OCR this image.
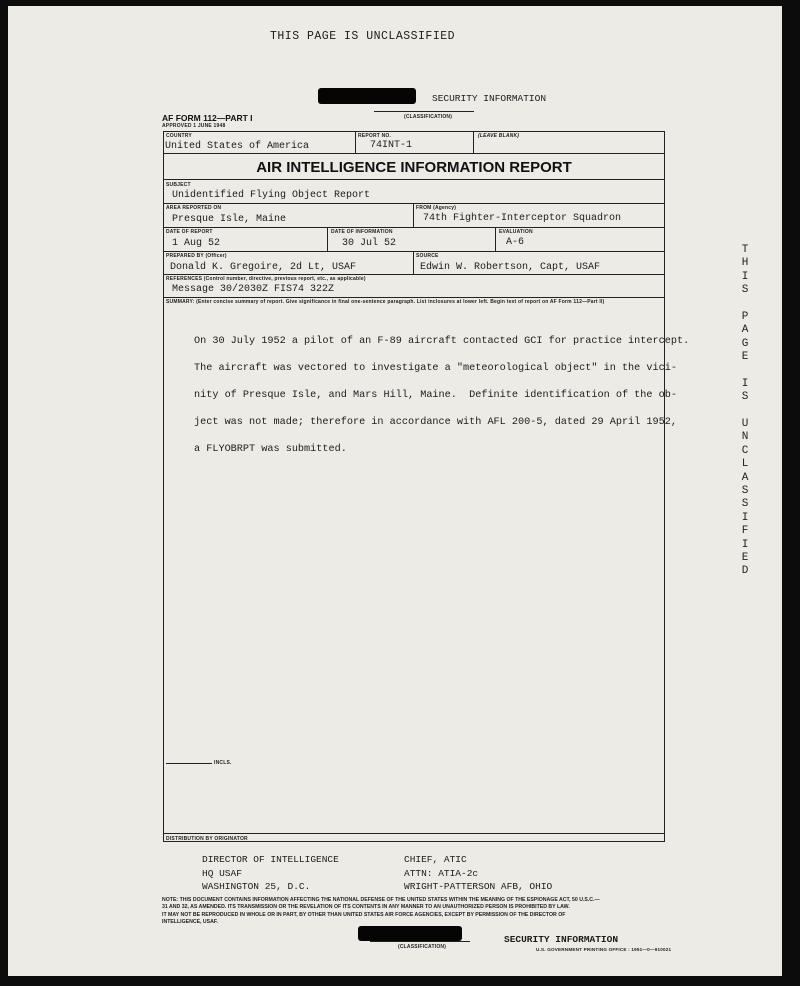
THIS PAGE IS UNCLASSIFIED
SECURITY INFORMATION
(CLASSIFICATION)
AF FORM 112—PART I
APPROVED 1 JUNE 1948
COUNTRY	REPORT NO.	(LEAVE BLANK)
United States of America	74INT-1
AIR INTELLIGENCE INFORMATION REPORT
SUBJECT
Unidentified Flying Object Report
AREA REPORTED ON	FROM (Agency)
Presque Isle, Maine	74th Fighter-Interceptor Squadron
DATE OF REPORT	DATE OF INFORMATION	EVALUATION
1 Aug 52	30 Jul 52	A-6
PREPARED BY (Officer)	SOURCE
Donald K. Gregoire, 2d Lt, USAF	Edwin W. Robertson, Capt, USAF
REFERENCES (Control number, directive, previous report, etc., as applicable)
Message 30/2030Z FIS74 322Z
SUMMARY: (Enter concise summary of report. Give significance in final one-sentence paragraph. List inclosures at lower left. Begin text of report on AF Form 112—Part II)

On 30 July 1952 a pilot of an F-89 aircraft contacted GCI for practice intercept.

The aircraft was vectored to investigate a "meteorological object" in the vici-

nity of Presque Isle, and Mars Hill, Maine.  Definite identification of the ob-

ject was not made; therefore in accordance with AFL 200-5, dated 29 April 1952,

a FLYOBRPT was submitted.

INCLS.
DISTRIBUTION BY ORIGINATOR
DIRECTOR OF INTELLIGENCE
HQ USAF
WASHINGTON 25, D.C.
CHIEF, ATIC
ATTN: ATIA-2c
WRIGHT-PATTERSON AFB, OHIO
NOTE: THIS DOCUMENT CONTAINS INFORMATION AFFECTING THE NATIONAL DEFENSE OF THE UNITED STATES WITHIN THE MEANING OF THE ESPIONAGE ACT, 50 U.S.C.—
31 AND 32, AS AMENDED. ITS TRANSMISSION OR THE REVELATION OF ITS CONTENTS IN ANY MANNER TO AN UNAUTHORIZED PERSON IS PROHIBITED BY LAW.
IT MAY NOT BE REPRODUCED IN WHOLE OR IN PART, BY OTHER THAN UNITED STATES AIR FORCE AGENCIES, EXCEPT BY PERMISSION OF THE DIRECTOR OF
INTELLIGENCE, USAF.
(CLASSIFICATION)
SECURITY INFORMATION
U.S. GOVERNMENT PRINTING OFFICE : 1951—0—910021
T
H
I
S
P
A
G
E
I
S
U
N
C
L
A
S
S
I
F
I
E
D
